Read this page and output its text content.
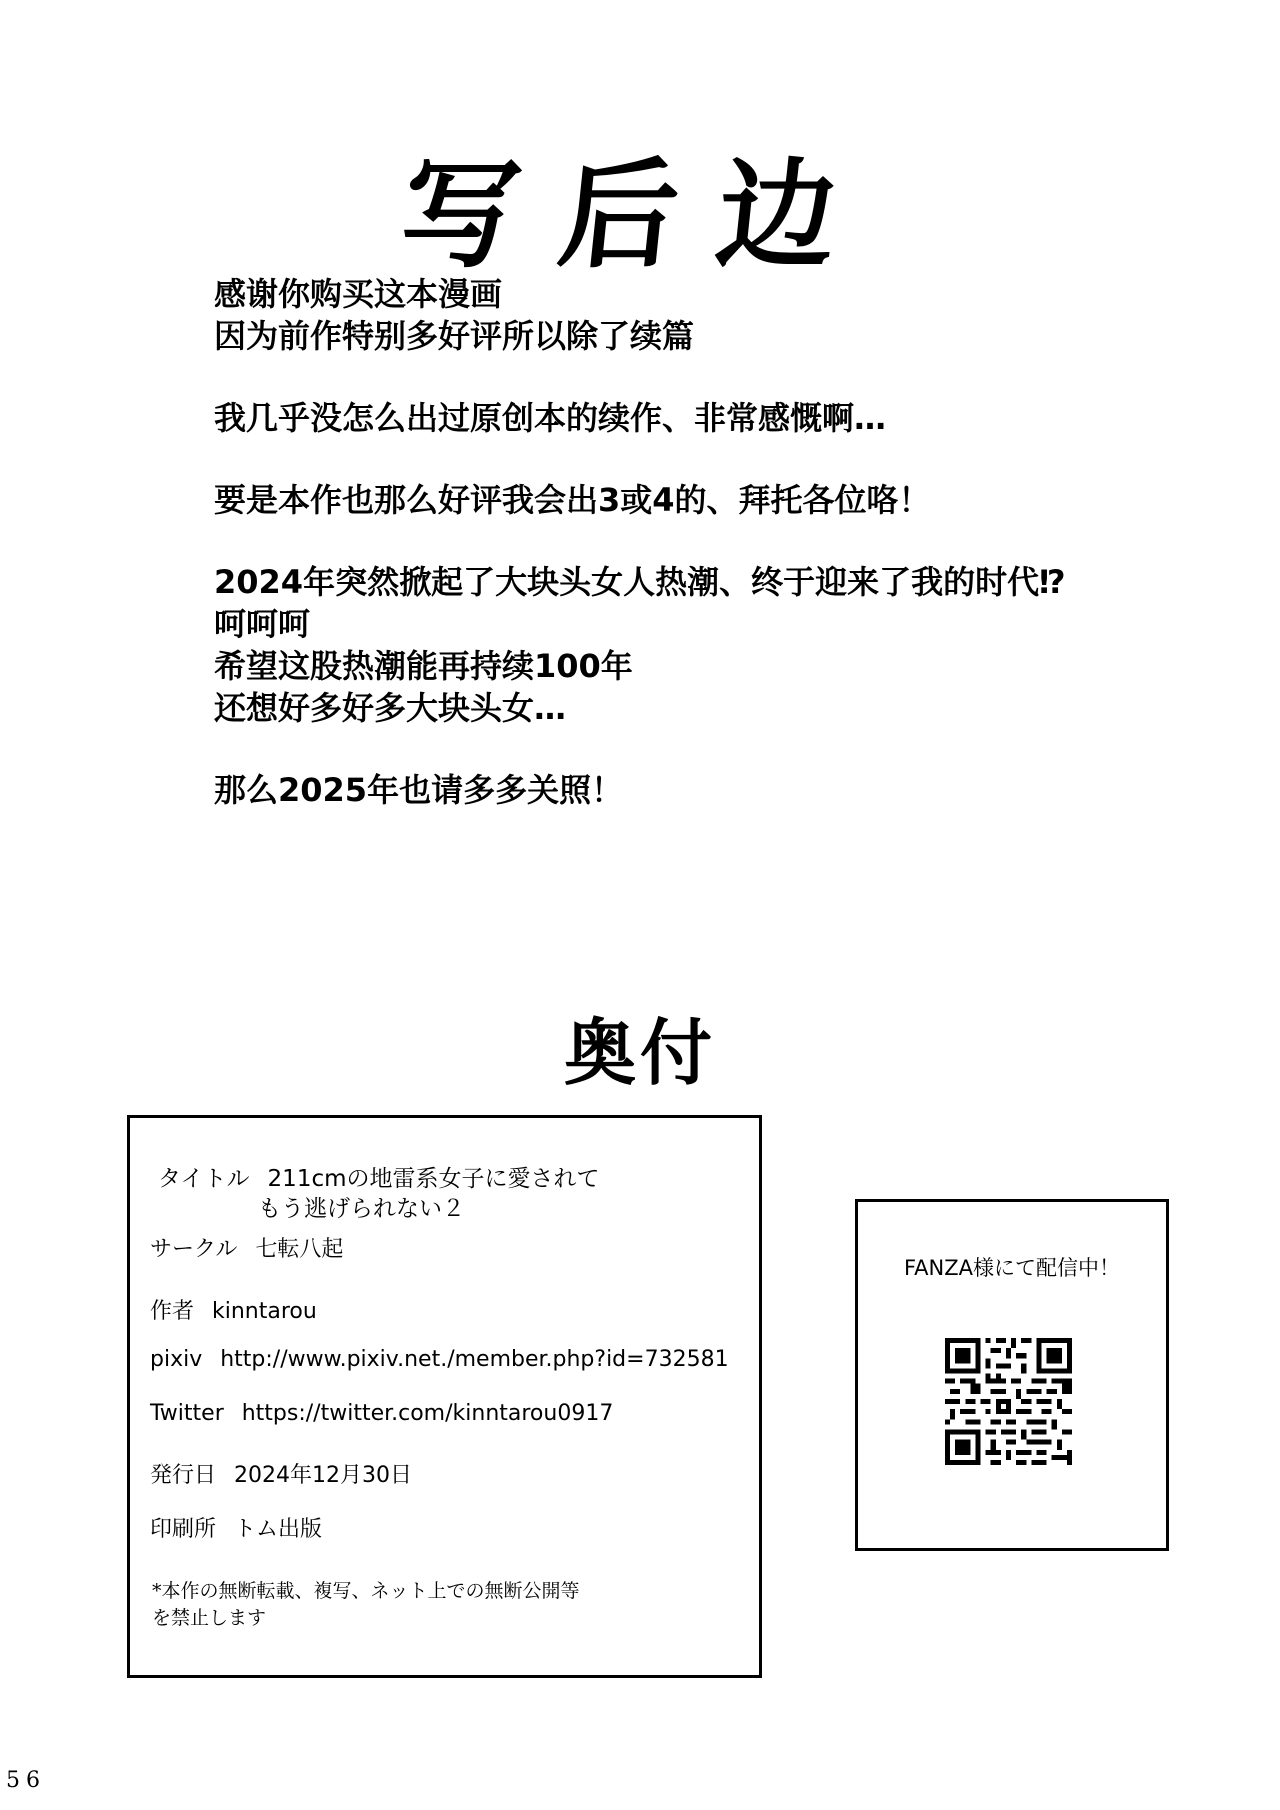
写后边

感谢你购买这本漫画

因为前作特别多好评所以除了续篇

我几乎没怎么出过原创本的续作、非常感慨啊…

要是本作也那么好评我会出3或4的、拜托各位咯！

2024年突然掀起了大块头女人热潮、终于迎来了我的时代⁉

呵呵呵

希望这股热潮能再持续100年

还想好多好多大块头女…

那么2025年也请多多关照！

奥付
タイトル 211cmの地雷系女子に愛されて
もう逃げられない２
サークル 七転八起
作者 kinntarou
pixiv http://www.pixiv.net./member.php?id=732581
Twitter https://twitter.com/kinntarou0917
発行日 2024年12月30日
印刷所 トム出版

*本作の無断転載、複写、ネット上での無断公開等

を禁止します

FANZA様にて配信中！
56
